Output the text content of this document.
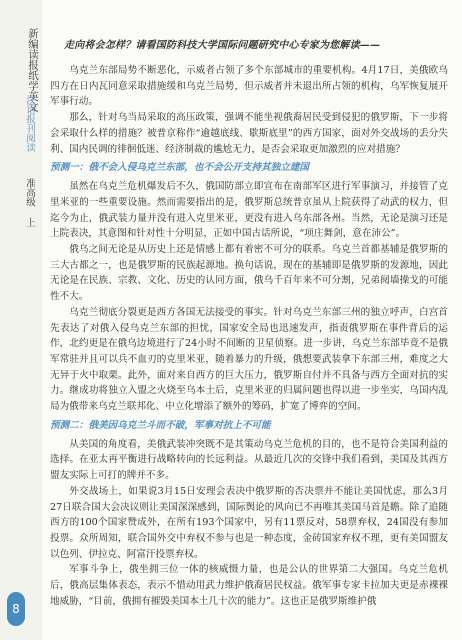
新编读报纸学英文
汉语报刊阅读
准高级 上
8
走向将会怎样？请看国防科技大学国际问题研究中心专家为您解读——

乌克兰东部局势不断恶化，示威者占领了多个东部城市的重要机构。4月17日，美俄欧乌四方在日内瓦同意采取措施缓和乌克兰局势，但示威者并未退出所占领的机构，乌军恢复展开军事行动。

那么，针对乌当局采取的高压政策，强调不能坐视俄裔居民受到侵犯的俄罗斯，下一步将会采取什么样的措施？被普京称作“逾越底线、歇斯底里”的西方国家，面对外交战场的丢分失利、国内民调的徘徊低迷、经济制裁的尴尬无力，是否会采取更加激烈的应对措施？

预测一：俄不会入侵乌克兰东部，也不会公开支持其独立建国

虽然在乌克兰危机爆发后不久，俄国防部立即宣布在南部军区进行军事演习，并接管了克里米亚的一些重要设施。然而需要指出的是，俄罗斯总统普京虽从上院获得了动武的权力，但迄今为止，俄武装力量并没有进入克里米亚，更没有进入乌东部各州。当然，无论是演习还是上院表决，其意图和针对性十分明显，正如中国古话所说，“项庄舞剑，意在沛公”。

俄乌之间无论是从历史上还是情感上都有着密不可分的联系。乌克兰首都基辅是俄罗斯的三大古都之一，也是俄罗斯的民族起源地。换句话说，现在的基辅即是俄罗斯的发源地，因此无论是在民族、宗教、文化、历史的认同方面，俄乌千百年来不可分割，兄弟阋墙操戈的可能性不大。

乌克兰彻底分裂更是西方各国无法接受的事实。针对乌克兰东部三州的独立呼声，白宫首先表达了对俄入侵乌克兰东部的担忧，国家安全局也迅速发声，指责俄罗斯在事件背后的运作，北约更是在俄乌边境进行了24小时不间断的卫星侦察。进一步讲，乌克兰东部毕竟不是俄军常驻并且可以兵不血刃的克里米亚，随着暴力的升级，俄想要武装拿下东部三州，难度之大无异于火中取栗。此外，面对来自西方的巨大压力，俄罗斯自付并不具备与西方全面对抗的实力。继成功将独立入盟之火烧至乌本土后，克里米亚的归属问题也得以进一步坐实，乌国内乱局为俄带来乌克兰联邦化、中立化增添了额外的筹码，扩宽了博弈的空间。

预测二：俄美因乌克兰斗而不破，军事对抗上不可能

从美国的角度看，美俄武装冲突既不是其策动乌克兰危机的目的，也不是符合美国利益的选择。在亚太再平衡进行战略转向的长远利益。从最近几次的交锋中我们看到，美国及其西方盟友实际上可打的牌并不多。

外交战场上，如果说3月15日安理会表决中俄罗斯的否决票并不能让美国忧虑，那么3月27日联合国大会决议则让美国深深感到，国际舆论的风向已不再唯其美国马首是瞻。除了追随西方的100个国家赞成外，在所有193个国家中，另有11票反对，58票弃权，24国没有参加投票。众所周知，联合国外交中弃权不参与也是一种态度，金砖国家弃权不理，更有美国盟友以色列、伊拉克、阿富汗投票弃权。

军事斗争上，俄坐拥三位一体的核威慑力量，也是公认的世界第二大强国。乌克兰危机后，俄高层集体表态，表示不惜动用武力维护俄裔居民权益。俄军事专家卡拉加夫更是赤裸裸地威胁，“目前，俄拥有摧毁美国本土几十次的能力”。这也正是俄罗斯维护俄
